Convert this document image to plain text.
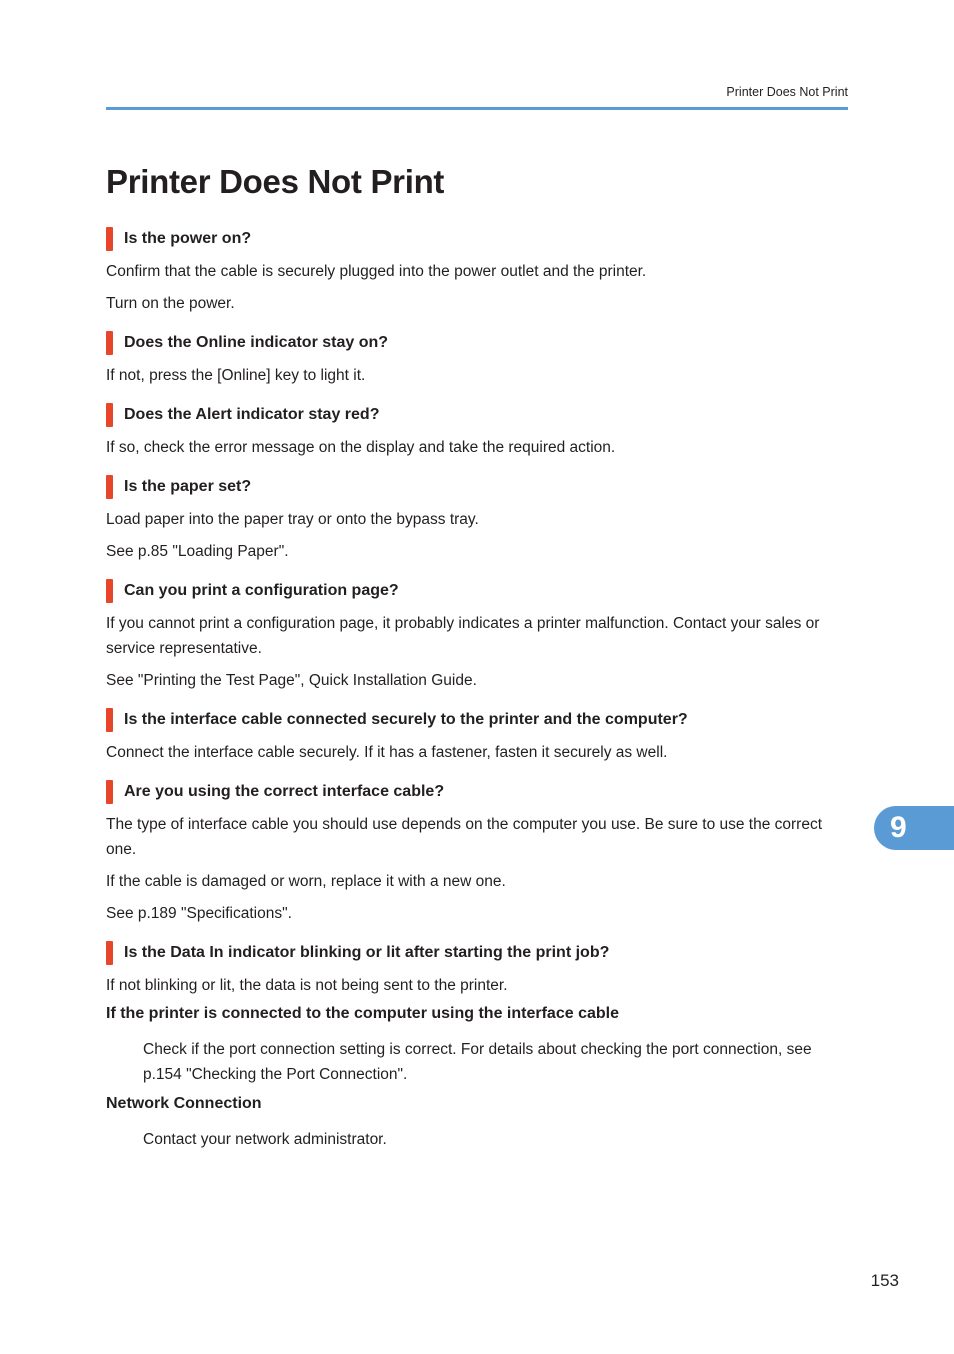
Printer Does Not Print
Printer Does Not Print
Is the power on?

Confirm that the cable is securely plugged into the power outlet and the printer.

Turn on the power.

Does the Online indicator stay on?

If not, press the [Online] key to light it.

Does the Alert indicator stay red?

If so, check the error message on the display and take the required action.

Is the paper set?

Load paper into the paper tray or onto the bypass tray.

See p.85 "Loading Paper".

Can you print a configuration page?

If you cannot print a configuration page, it probably indicates a printer malfunction. Contact your sales or service representative.

See "Printing the Test Page", Quick Installation Guide.

Is the interface cable connected securely to the printer and the computer?

Connect the interface cable securely. If it has a fastener, fasten it securely as well.

Are you using the correct interface cable?

The type of interface cable you should use depends on the computer you use. Be sure to use the correct one.

If the cable is damaged or worn, replace it with a new one.

See p.189 "Specifications".

Is the Data In indicator blinking or lit after starting the print job?

If not blinking or lit, the data is not being sent to the printer.

If the printer is connected to the computer using the interface cable

Check if the port connection setting is correct. For details about checking the port connection, see p.154 "Checking the Port Connection".

Network Connection

Contact your network administrator.

9
153
